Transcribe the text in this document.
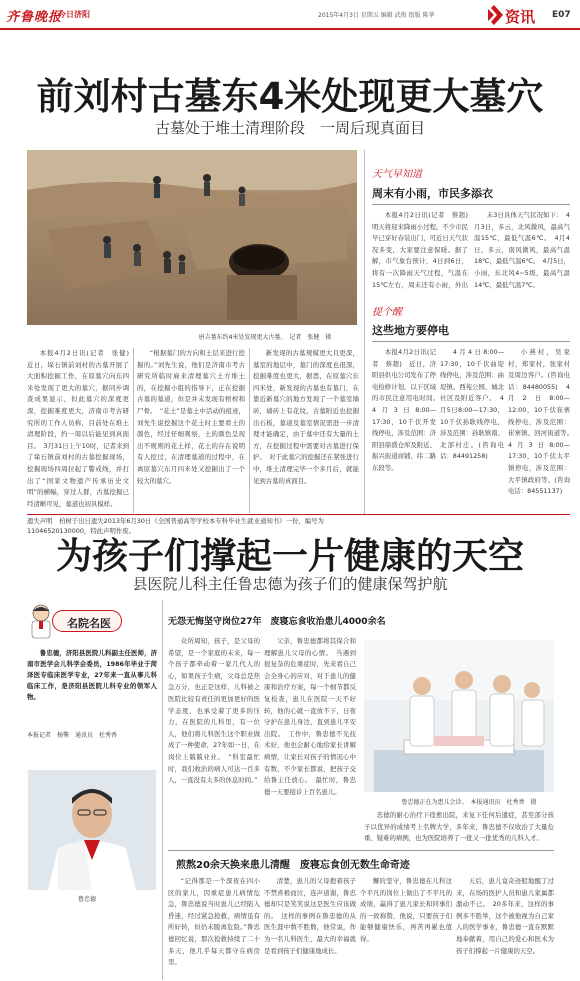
齐鲁晚报
今日济阳	2015年4月3日 星期五 编辑 武俊 组版 陈华	资讯 E07
前刘村古墓东4米处现更大墓穴
古墓处于堆土清理阶段　一周后现真面目
唐吉墓东约4米处发现更大古墓。　记者　张健　摄

本报4月2日讯(记者　张健)　近日，垛石镇前刘村的古墓开展了大面积挖掘工作，在原墓穴向东四米处发现了更大的墓穴，据同步调查成果显示，但此墓穴的深度更深，挖掘难度更大，济南市考古研究所的工作人员称，目前处在堆土清理阶段，约一周以后能见到真面目。　3月31日上午10时，记者来到了垛石镇前刘村的古墓挖掘现场，挖掘现场四周拉起了警戒线，并打出了“国家文物遗产传承历史文明”的横幅，穿过人群，古墓挖掘已经清晰可见，墓道也初具模样。

“根据墓门的方向和土层来进行挖掘的。”刘先生说，他们是济南市考古研究所临时雇来清理墓穴土方堆土的，在挖掘小组的指导下，正在挖掘古墓的墓道，但是并未发现有棺椁和尸骨。　“花土”是墓土中活动的痕迹，刘先生说挖掘这个花土时主要看土的颜色，经过仔细观察，土的颜色呈现出不规则的花土样，花土的存在说明有人挖过，在清理墓道的过程中，在离原墓穴东月四米处又挖掘出了一个较大的墓穴。

新发现的古墓规模更大且更深，墓室的地层中，墓门的深度也很深，挖掘难度也更大，据悉，在原墓穴东四米处，新发现的古墓也有墓门，在靠近新墓穴的地方发现了一个墓室墙砖，墙砖上有花纹，古墓附近也挖掘出石板，墓道及墓室情况需进一步清理才能确定，由于墓中还有大量的土方，在挖掘过程中需要对古墓进行保护。　对于此墓穴的挖掘还在紧张进行中，堆土清理完毕一个多月后，就能见到古墓的真面目。

天气早知道
周末有小雨，市民多添衣

本报4月2日讯(记者　蔡超)　明天将迎来降雨小过程，不少市民早已穿好春装出门，可近日天气状况多变，大家要注意保暖。据了解，市气象台预计，4日到6日，将有一次降雨天气过程，气温在15℃左右，周末还有小雨，外出

未3日具体天气状况如下：　4月3日，多云，北风微风，最高气温15℃，最低气温6℃。　4月4日，多云，南风微风，最高气温18℃，最低气温6℃。　4月5日，小雨，东北风4~5级，最高气温14℃，最低气温7℃。

提个醒
这些地方要停电

本报4月2日讯(记者　蔡超)　近日，济阳县供电公司发布了停电检修计划，以下区域的市民注意用电时间。　4月3日8:00—17:30，10千伏开发线停电，涉及范围：济阳县鼎盛仓库及附近、振兴街道商铺、纬二路东段等。

4月4日8:00—17:30，10千伏曲堤线停电，涉及范围：曲堤镇、西苑公园、城北社区及附近客户。　4月5日8:00—17:30，10千伏孙耿线停电，涉及范围：孙耿镇南、北部村庄。(咨询电话：84491258)

小燕村，吴家村，郑家村，张家村及周边客户。(咨询电话：84480055)　4月2日8:00—12:00，10千伏崔寨线停电，涉及范围：崔寨镇、回河街道等。　4月3日8:00—17:30，10千伏太平镇停电，涉及范围：大平镇政府等。(咨询电话：84551137)

遗失声明　柏树于出日遗失2013年6月30日《全国普通高等学校本专科毕业生就业通知书》一份，编号为11046520130000，特此声明作废。
为孩子们撑起一片健康的天空
县医院儿科主任鲁忠德为孩子们的健康保驾护航
名院名医

鲁忠德，济阳县医院儿科副主任医师，济南市医学会儿科学会委员，1986年毕业于菏泽医专临床医学专业，27年来一直从事儿科临床工作，是济阳县医院儿科专业的领军人物。

本报记者　杨擎　通讯员　杜秀香
鲁忠德
无怨无悔坚守岗位27年　废寝忘食收治患儿4000余名

众所周知，孩子，是父母的希望，是一个家庭的未来，每一个孩子都牵动着一家几代人的心，如果孩子生病，父母总是焦急万分，也正是这样，儿科被之医院比较有责任的更加更好的医学态度，也承受着了更多的压力，在医院的儿科里，有一位人，他们将儿科医生这个职业做成了一种使命，27年如一日，在岗位上兢兢业业。　“科室最忙时，我们收治的病人可达一百多人，一直没有太多的休息时间。”

父亲，鲁忠德都将其保合和理解患儿父母的心情。　当遇到很复杂的危重症时，先来看自己会全身心的应对，对于患儿的健康和治疗方案，每一个细节都反复检查，患儿在医院一天不好转，他的心就一直放不下，日夜守护在患儿身边，直到患儿平安出院。　工作中，鲁忠德不光技术好，他也会耐心地给家长讲解病情，让家长对孩子的情况心中有数，不少家长都说，把孩子交给鲁主任放心。　最忙时，鲁忠德一天要接诊上百名患儿。

鲁忠德正在为患儿会诊。　本报通讯员　杜秀香　摄

忠德的耐心治疗下痊愈出院，来复下任何后遗症，甚至部分孩子以优异的成绩考上名牌大学，多年来，鲁忠德不仅收治了大量危重、疑难的病例，也为医院培养了一批又一批优秀的儿科人才。

煎熬20余天换来患儿清醒　废寝忘食创无数生命奇迹

“记得那是一个深夜在四小区的家儿，因重症患儿病情危急，鲁忠德说当时患儿已经陷入昏迷，经过紧急抢救，病情虽有所好转，但仍未脱离危险。”鲁忠德回忆说，那次抢救持续了二十多天，他几乎每天都守在病房里。

清楚，患儿的父母抱着孩子不禁喜极而泣，连声道谢，鲁忠德却只是笑笑说这是医生应该做的。　这样的事例在鲁忠德的从医生涯中数不胜数，他常说，作为一名儿科医生，最大的幸福就是看到孩子们健康地成长。

懈的坚守，鲁忠德在儿科这个平凡的岗位上做出了不平凡的成绩，赢得了患儿家长和同事们的一致称赞，他说，只要孩子们能够健康快乐，再苦再累也值得。

天后，患儿竟奇迹般地醒了过来，在场的医护人员和患儿家属都激动不已。　20多年来，这样的事例多不胜举，这个被他视为自己家人的医学事业，鲁忠德一直在默默地奉献着，用自己的爱心和医术为孩子们撑起一片健康的天空。
